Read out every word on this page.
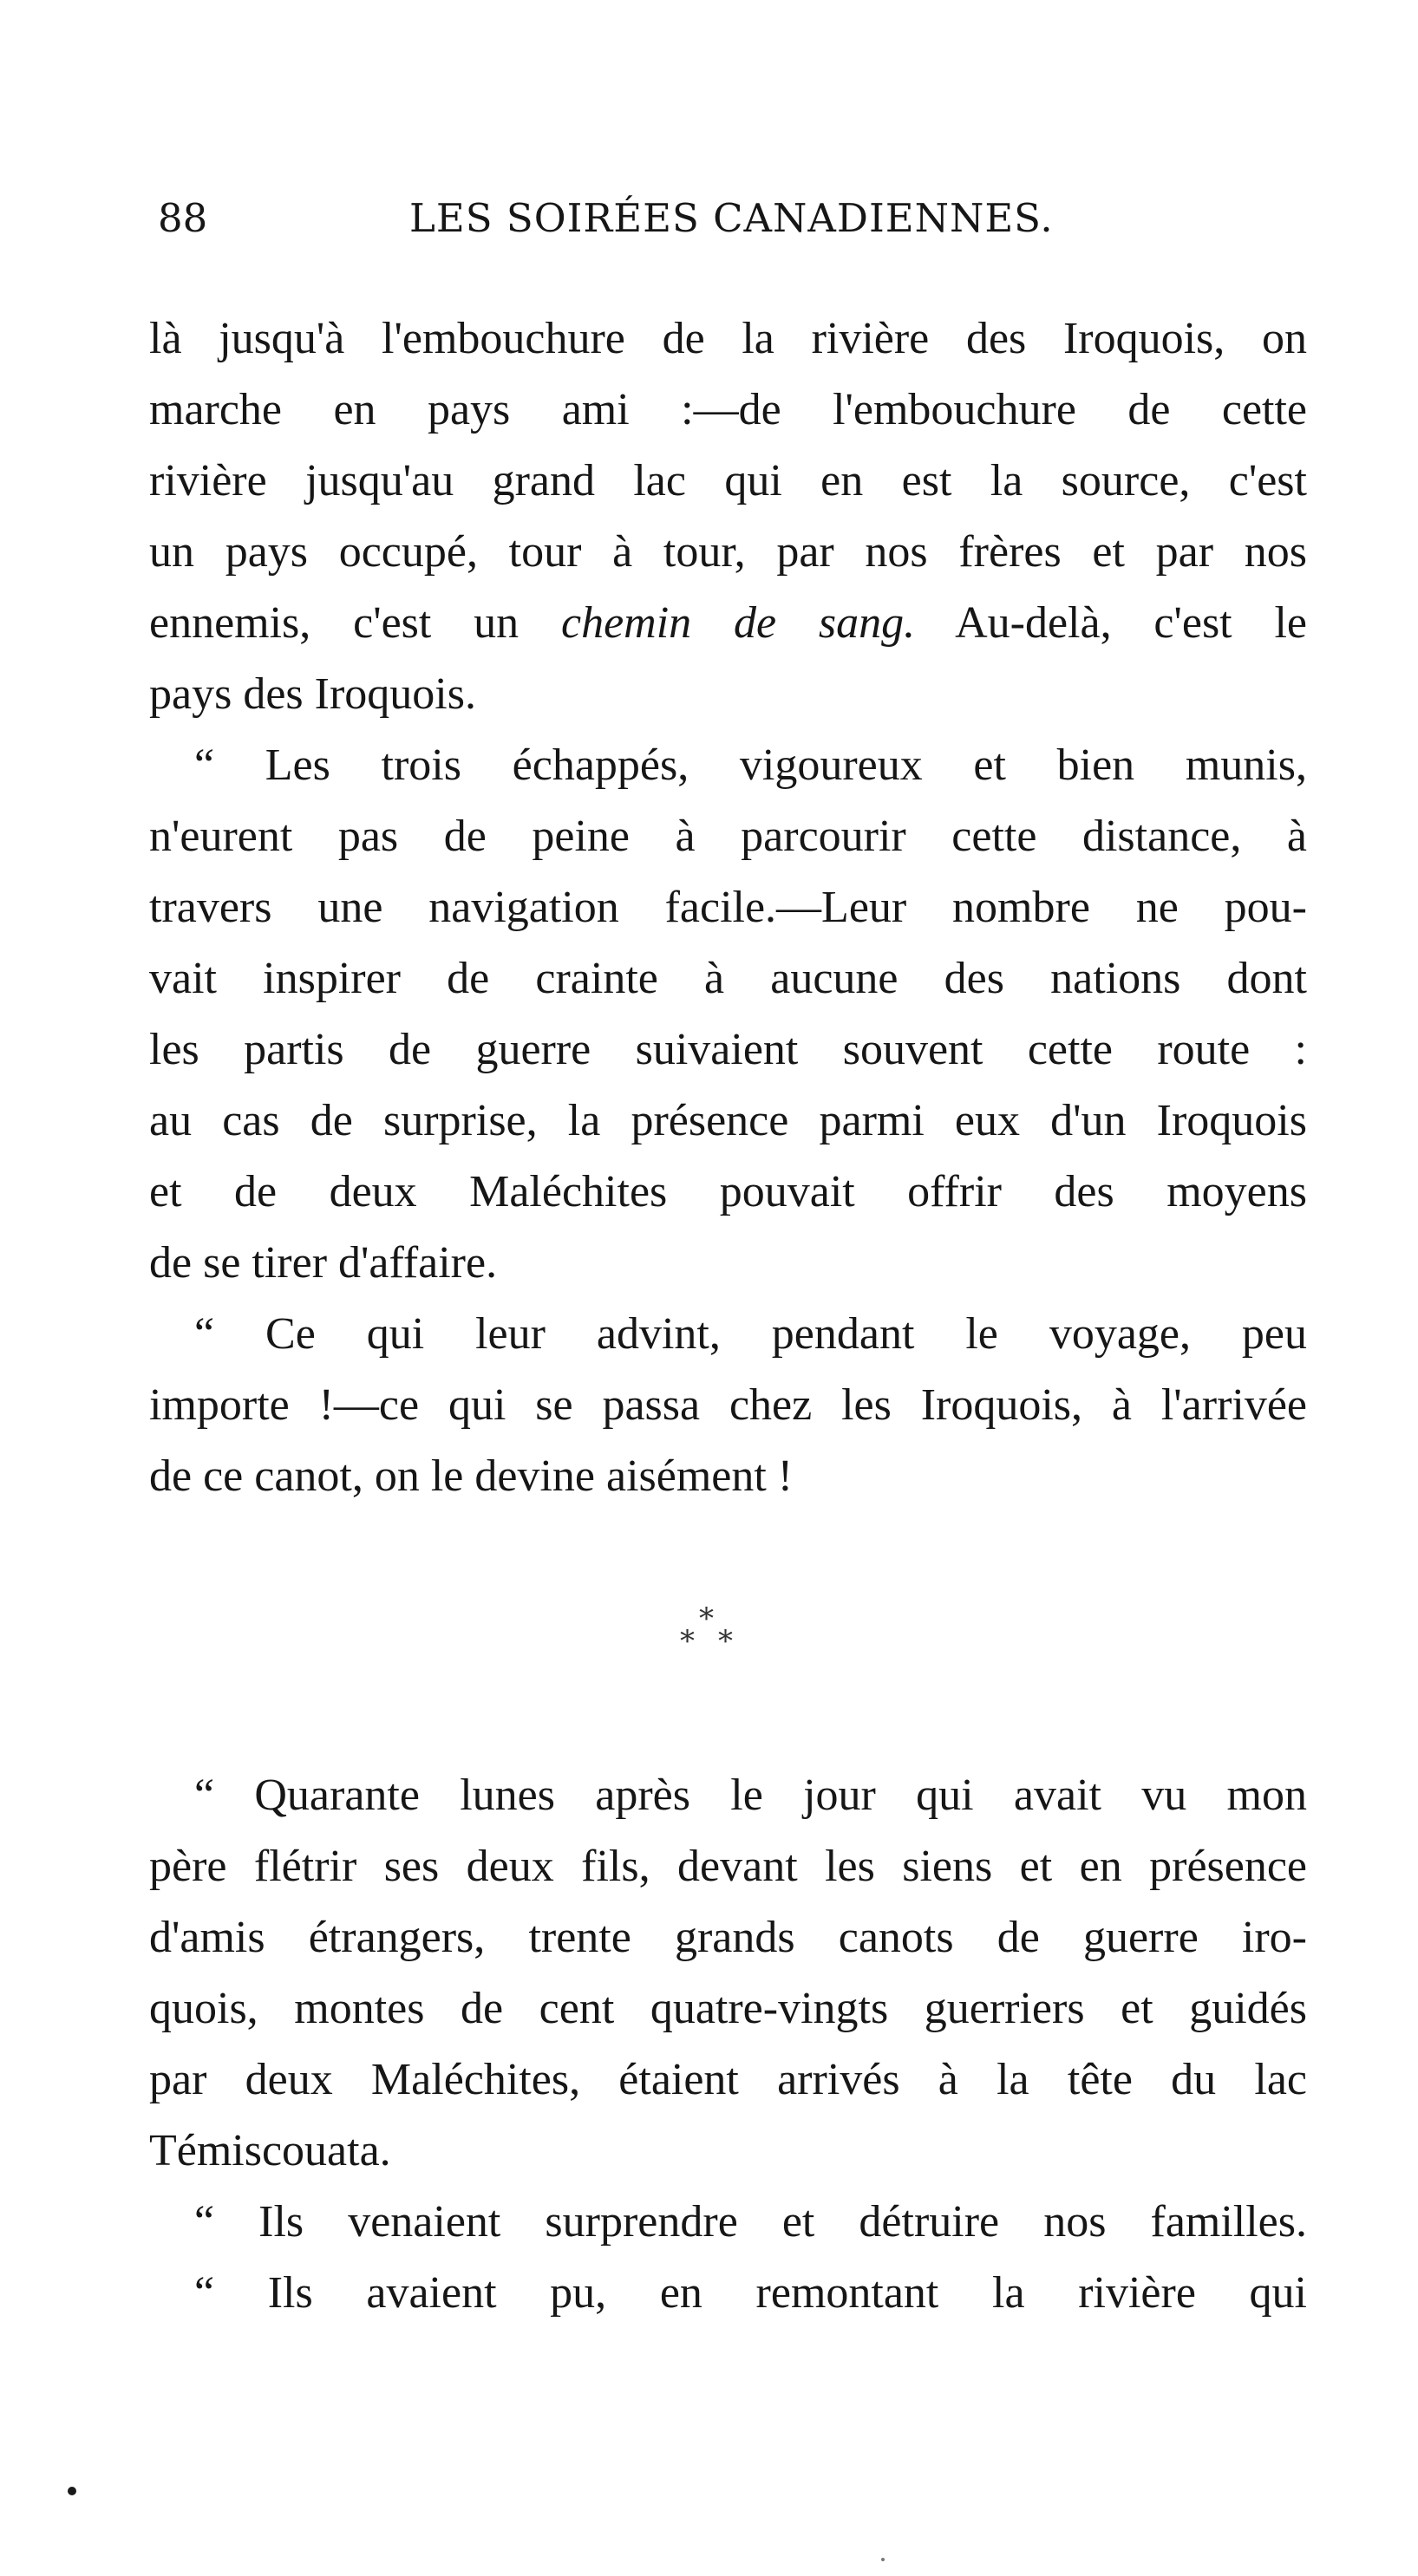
88	LES SOIRÉES CANADIENNES.
là jusqu'à l'embouchure de la rivière des Iroquois, on
marche en pays ami :—de l'embouchure de cette
rivière jusqu'au grand lac qui en est la source, c'est
un pays occupé, tour à tour, par nos frères et par nos
ennemis, c'est un chemin de sang. Au-delà, c'est le
pays des Iroquois.
“ Les trois échappés, vigoureux et bien munis,
n'eurent pas de peine à parcourir cette distance, à
travers une navigation facile.—Leur nombre ne pou-
vait inspirer de crainte à aucune des nations dont
les partis de guerre suivaient souvent cette route :
au cas de surprise, la présence parmi eux d'un Iroquois
et de deux Maléchites pouvait offrir des moyens
de se tirer d'affaire.
“ Ce qui leur advint, pendant le voyage, peu
importe !—ce qui se passa chez les Iroquois, à l'arrivée
de ce canot, on le devine aisément !
*
* *
“ Quarante lunes après le jour qui avait vu mon
père flétrir ses deux fils, devant les siens et en présence
d'amis étrangers, trente grands canots de guerre iro-
quois, montes de cent quatre-vingts guerriers et guidés
par deux Maléchites, étaient arrivés à la tête du lac
Témiscouata.
“ Ils venaient surprendre et détruire nos familles.
“ Ils avaient pu, en remontant la rivière qui
